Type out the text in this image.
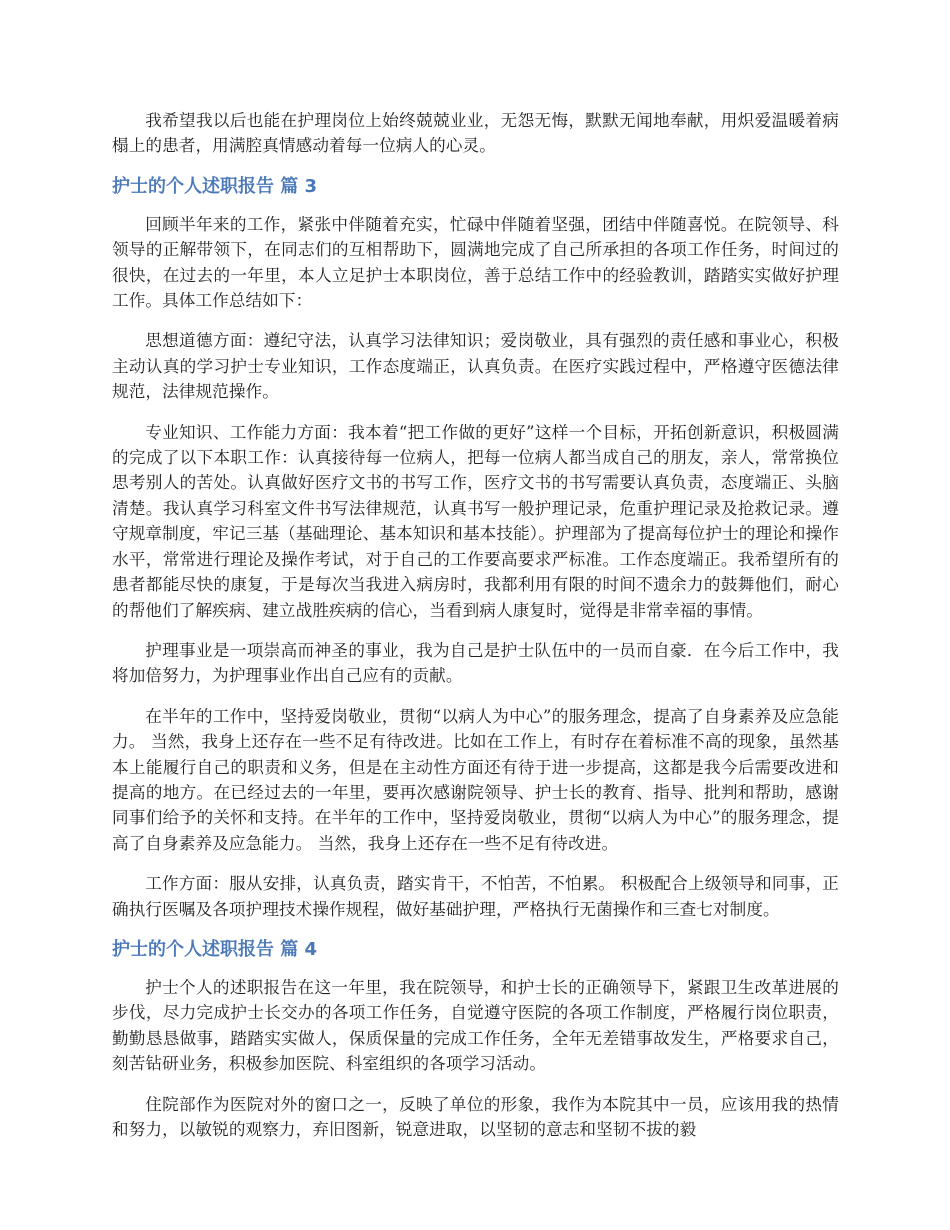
我希望我以后也能在护理岗位上始终兢兢业业，无怨无悔，默默无闻地奉献，用炽爱温暖着病榻上的患者，用满腔真情感动着每一位病人的心灵。

护士的个人述职报告 篇 3

回顾半年来的工作，紧张中伴随着充实，忙碌中伴随着坚强，团结中伴随喜悦。在院领导、科领导的正解带领下，在同志们的互相帮助下，圆满地完成了自己所承担的各项工作任务，时间过的很快，在过去的一年里，本人立足护士本职岗位，善于总结工作中的经验教训，踏踏实实做好护理工作。具体工作总结如下：

思想道德方面：遵纪守法，认真学习法律知识；爱岗敬业，具有强烈的责任感和事业心，积极主动认真的学习护士专业知识，工作态度端正，认真负责。在医疗实践过程中，严格遵守医德法律规范，法律规范操作。

专业知识、工作能力方面：我本着“把工作做的更好”这样一个目标，开拓创新意识，积极圆满的完成了以下本职工作：认真接待每一位病人，把每一位病人都当成自己的朋友，亲人，常常换位思考别人的苦处。认真做好医疗文书的书写工作，医疗文书的书写需要认真负责，态度端正、头脑清楚。我认真学习科室文件书写法律规范，认真书写一般护理记录，危重护理记录及抢救记录。遵守规章制度，牢记三基（基础理论、基本知识和基本技能）。护理部为了提高每位护士的理论和操作水平，常常进行理论及操作考试，对于自己的工作要高要求严标准。工作态度端正。我希望所有的患者都能尽快的康复，于是每次当我进入病房时，我都利用有限的时间不遗余力的鼓舞他们，耐心的帮他们了解疾病、建立战胜疾病的信心，当看到病人康复时，觉得是非常幸福的事情。

护理事业是一项崇高而神圣的事业，我为自己是护士队伍中的一员而自豪．在今后工作中，我将加倍努力，为护理事业作出自己应有的贡献。

在半年的工作中，坚持爱岗敬业，贯彻“以病人为中心”的服务理念，提高了自身素养及应急能力。 当然，我身上还存在一些不足有待改进。比如在工作上，有时存在着标准不高的现象，虽然基本上能履行自己的职责和义务，但是在主动性方面还有待于进一步提高，这都是我今后需要改进和提高的地方。在已经过去的一年里，要再次感谢院领导、护士长的教育、指导、批判和帮助，感谢同事们给予的关怀和支持。在半年的工作中，坚持爱岗敬业，贯彻“以病人为中心”的服务理念，提高了自身素养及应急能力。 当然，我身上还存在一些不足有待改进。

工作方面：服从安排，认真负责，踏实肯干，不怕苦，不怕累。 积极配合上级领导和同事，正确执行医嘱及各项护理技术操作规程，做好基础护理，严格执行无菌操作和三查七对制度。

护士的个人述职报告 篇 4

护士个人的述职报告在这一年里，我在院领导，和护士长的正确领导下，紧跟卫生改革进展的步伐，尽力完成护士长交办的各项工作任务，自觉遵守医院的各项工作制度，严格履行岗位职责，勤勤恳恳做事，踏踏实实做人，保质保量的完成工作任务，全年无差错事故发生，严格要求自己，刻苦钻研业务，积极参加医院、科室组织的各项学习活动。

住院部作为医院对外的窗口之一，反映了单位的形象，我作为本院其中一员，应该用我的热情和努力，以敏锐的观察力，弃旧图新，锐意进取，以坚韧的意志和坚韧不拔的毅
